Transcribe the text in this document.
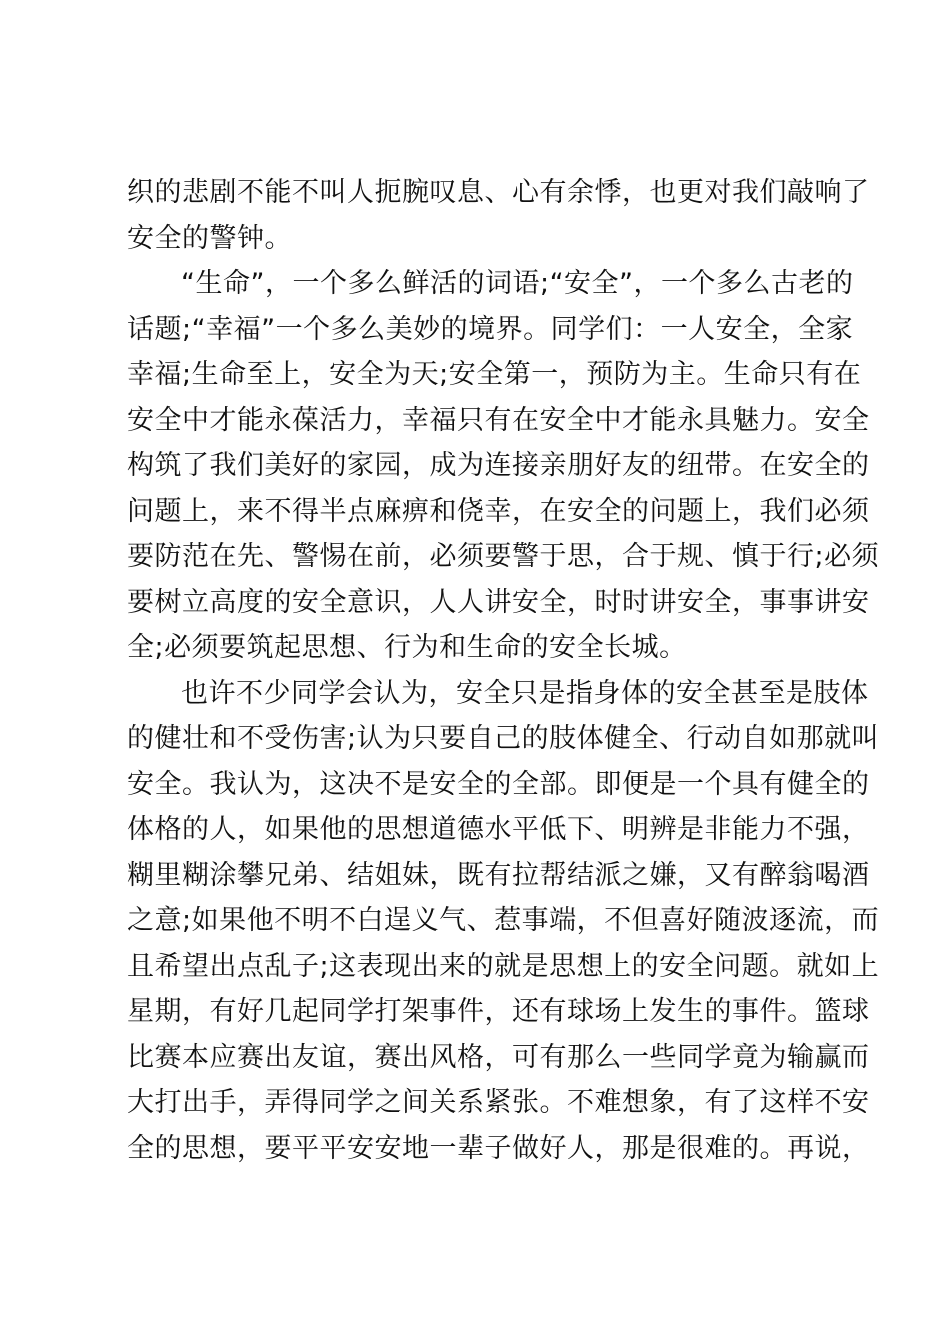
织的悲剧不能不叫人扼腕叹息、心有余悸，也更对我们敲响了
安全的警钟。
“生命”，一个多么鲜活的词语;“安全”，一个多么古老的
话题;“幸福”一个多么美妙的境界。同学们：一人安全，全家
幸福;生命至上，安全为天;安全第一，预防为主。生命只有在
安全中才能永葆活力，幸福只有在安全中才能永具魅力。安全
构筑了我们美好的家园，成为连接亲朋好友的纽带。在安全的
问题上，来不得半点麻痹和侥幸，在安全的问题上，我们必须
要防范在先、警惕在前，必须要警于思，合于规、慎于行;必须
要树立高度的安全意识，人人讲安全，时时讲安全，事事讲安
全;必须要筑起思想、行为和生命的安全长城。
也许不少同学会认为，安全只是指身体的安全甚至是肢体
的健壮和不受伤害;认为只要自己的肢体健全、行动自如那就叫
安全。我认为，这决不是安全的全部。即便是一个具有健全的
体格的人，如果他的思想道德水平低下、明辨是非能力不强，
糊里糊涂攀兄弟、结姐妹，既有拉帮结派之嫌，又有醉翁喝酒
之意;如果他不明不白逞义气、惹事端，不但喜好随波逐流，而
且希望出点乱子;这表现出来的就是思想上的安全问题。就如上
星期，有好几起同学打架事件，还有球场上发生的事件。篮球
比赛本应赛出友谊，赛出风格，可有那么一些同学竟为输赢而
大打出手，弄得同学之间关系紧张。不难想象，有了这样不安
全的思想，要平平安安地一辈子做好人，那是很难的。再说，
